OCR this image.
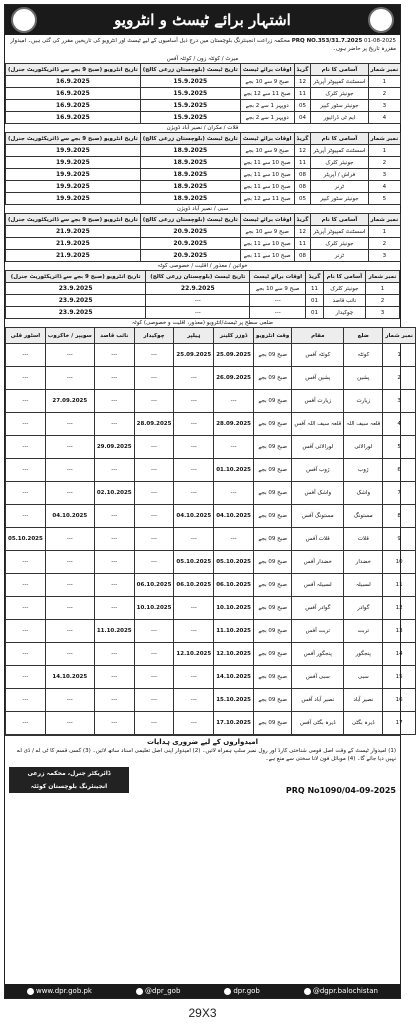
اشتہار برائے ٹیسٹ و انٹرویو
PRQ NO.353/31.7.2025 01-08-2025 محکمہ زراعت انجینئرنگ بلوچستان میں درج ذیل آسامیوں کے لیے ٹیسٹ اور انٹرویو کی تاریخیں مقرر کی گئی ہیں۔ امیدوار مقررہ تاریخ پر حاضر ہوں۔
میرٹ / کوئٹہ زون / کوئٹہ آفس
نمبر شمار	آسامی کا نام	گریڈ	اوقات برائے ٹیسٹ	تاریخ ٹیسٹ (بلوچستان زرعی کالج)	تاریخ انٹرویو (صبح 9 بجے سے ڈائریکٹوریٹ جنرل)
1	اسسٹنٹ کمپیوٹر آپریٹر	12	صبح 9 سے 10 بجے	15.9.2025	16.9.2025
2	جونیئر کلرک	11	صبح 11 سے 12 بجے	15.9.2025	16.9.2025
3	جونیئر سٹور کیپر	05	دوپہر 1 سے 2 بجے	15.9.2025	16.9.2025
4	ایم ٹی ڈرائیور	04	دوپہر 1 سے 2 بجے	15.9.2025	16.9.2025
قلات / مکران / نصیر آباد ڈویژن
نمبر شمار	آسامی کا نام	گریڈ	اوقات برائے ٹیسٹ	تاریخ ٹیسٹ (بلوچستان زرعی کالج)	تاریخ انٹرویو (صبح 9 بجے سے ڈائریکٹوریٹ جنرل)
1	اسسٹنٹ کمپیوٹر آپریٹر	12	صبح 9 سے 10 بجے	18.9.2025	19.9.2025
2	جونیئر کلرک	11	صبح 10 سے 11 بجے	18.9.2025	19.9.2025
3	فراش / آپریٹر	08	صبح 10 سے 11 بجے	18.9.2025	19.9.2025
4	ٹرنر	08	صبح 10 سے 11 بجے	18.9.2025	19.9.2025
5	جونیئر سٹور کیپر	05	صبح 11 سے 12 بجے	18.9.2025	19.9.2025
سبی / نصیر آباد ڈویژن
نمبر شمار	آسامی کا نام	گریڈ	اوقات برائے ٹیسٹ	تاریخ ٹیسٹ (بلوچستان زرعی کالج)	تاریخ انٹرویو (صبح 9 بجے سے ڈائریکٹوریٹ جنرل)
1	اسسٹنٹ کمپیوٹر آپریٹر	12	صبح 9 سے 10 بجے	20.9.2025	21.9.2025
2	جونیئر کلرک	11	صبح 10 سے 11 بجے	20.9.2025	21.9.2025
3	ٹرنر	08	صبح 10 سے 11 بجے	20.9.2025	21.9.2025
خواتین / معذور / اقلیت / خصوصی کوٹہ
نمبر شمار	آسامی کا نام	گریڈ	اوقات برائے ٹیسٹ	تاریخ ٹیسٹ (بلوچستان زرعی کالج)	تاریخ انٹرویو (صبح 9 بجے سے ڈائریکٹوریٹ جنرل)
1	جونیئر کلرک	11	صبح 9 سے 10 بجے	22.9.2025	23.9.2025
2	نائب قاصد	01	---	---	23.9.2025
3	چوکیدار	01	---	---	23.9.2025
ضلعی سطح پر ٹیسٹ/انٹرویو (معذور، اقلیت و خصوصی) کوٹہ
نمبر شمار	ضلع	مقام	وقت انٹرویو	ڈوزر کلینر	ہیلپر	چوکیدار	نائب قاصد	سویپر / خاکروب	اسٹور قلی
1	کوئٹہ	کوئٹہ آفس	صبح 09 بجے	25.09.2025	25.09.2025	---	---	---	---
2	پشین	پشین آفس	صبح 09 بجے	26.09.2025	---	---	---	---	---
3	زیارت	زیارت آفس	صبح 09 بجے	---	---	---	---	27.09.2025	---
4	قلعہ سیف اللہ	قلعہ سیف اللہ آفس	صبح 09 بجے	28.09.2025	---	28.09.2025	---	---	---
5	لورالائی	لورالائی آفس	صبح 09 بجے	---	---	---	29.09.2025	---	---
6	ژوب	ژوب آفس	صبح 09 بجے	01.10.2025	---	---	---	---	---
7	واشک	واشک آفس	صبح 09 بجے	---	---	---	02.10.2025	---	---
8	مستونگ	مستونگ آفس	صبح 09 بجے	04.10.2025	04.10.2025	---	---	04.10.2025	---
9	قلات	قلات آفس	صبح 09 بجے	---	---	---	---	---	05.10.2025
10	خضدار	خضدار آفس	صبح 09 بجے	05.10.2025	05.10.2025	---	---	---	---
11	لسبیلہ	لسبیلہ آفس	صبح 09 بجے	06.10.2025	06.10.2025	06.10.2025	---	---	---
12	گوادر	گوادر آفس	صبح 09 بجے	10.10.2025	---	10.10.2025	---	---	---
13	تربت	تربت آفس	صبح 09 بجے	11.10.2025	---	---	11.10.2025	---	---
14	پنجگور	پنجگور آفس	صبح 09 بجے	12.10.2025	12.10.2025	---	---	---	---
15	سبی	سبی آفس	صبح 09 بجے	14.10.2025	---	---	---	14.10.2025	---
16	نصیر آباد	نصیر آباد آفس	صبح 09 بجے	15.10.2025	---	---	---	---	---
17	ڈیرہ بگٹی	ڈیرہ بگٹی آفس	صبح 09 بجے	17.10.2025	---	---	---	---	---
امیدواروں کے لیے ضروری ہدایات
(1) امیدوار ٹیسٹ کے وقت اصل قومی شناختی کارڈ اور رول نمبر سلپ ہمراہ لائیں۔ (2) امیدوار اپنی اصل تعلیمی اسناد ساتھ لائیں۔ (3) کسی قسم کا ٹی اے / ڈی اے نہیں دیا جائے گا۔ (4) موبائل فون لانا سختی سے منع ہے۔
ڈائریکٹر جنرل، محکمہ زرعی
انجینئرنگ بلوچستان کوئٹہ	PRQ No1090/04-09-2025
www.dpr.gob.pk	@dpr_gob	dpr.gob	@dgpr.balochistan
29X3
